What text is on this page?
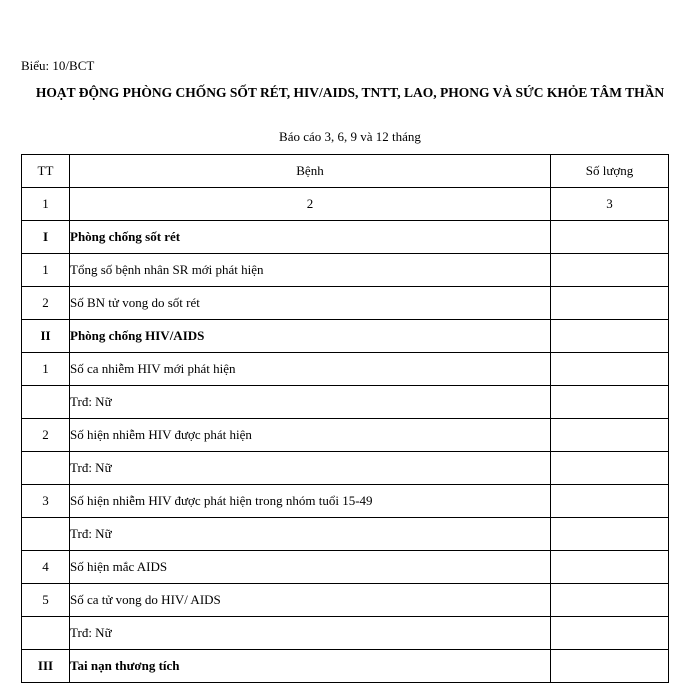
Biểu: 10/BCT
HOẠT ĐỘNG PHÒNG CHỐNG SỐT RÉT, HIV/AIDS, TNTT, LAO, PHONG VÀ SỨC KHỎE TÂM THẦN
Báo cáo 3, 6, 9 và 12 tháng
TT	Bệnh	Số lượng
1	2	3
I	Phòng chống sốt rét	
1	Tổng số bệnh nhân SR mới phát hiện	
2	Số BN tử vong do sốt rét	
II	Phòng chống HIV/AIDS	
1	Số ca nhiễm HIV mới phát hiện	
	Trđ: Nữ	
2	Số hiện nhiễm HIV được phát hiện	
	Trđ: Nữ	
3	Số hiện nhiễm HIV được phát hiện trong nhóm tuổi 15-49	
	Trđ: Nữ	
4	Số hiện mắc AIDS	
5	Số ca tử vong do HIV/ AIDS	
	Trđ: Nữ	
III	Tai nạn thương tích	
